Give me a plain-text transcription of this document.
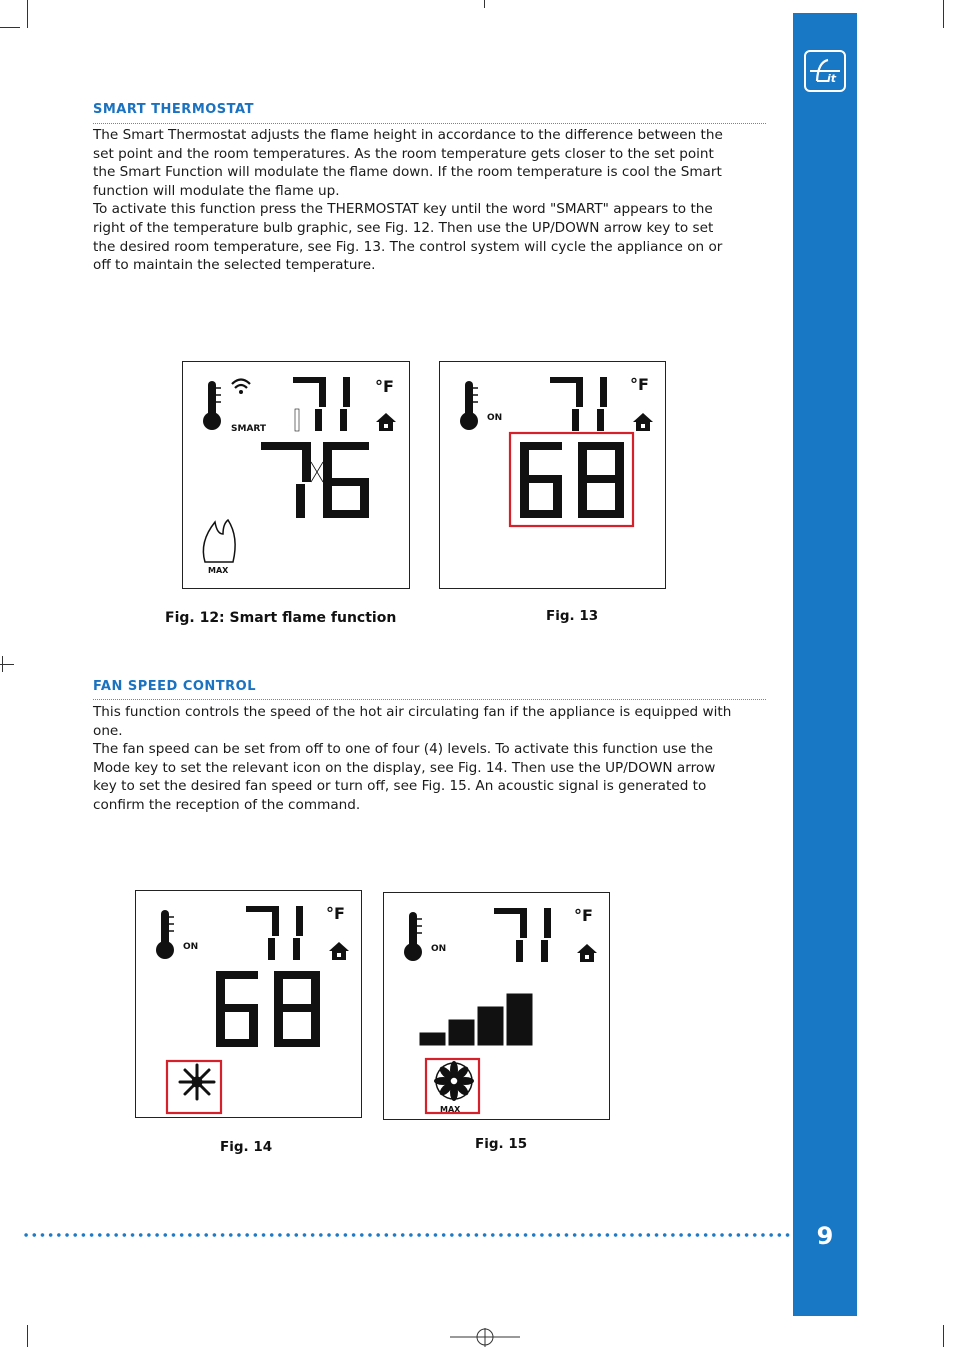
it
9
SMART THERMOSTAT

The Smart Thermostat adjusts the flame height in accordance to the difference between the set point and the room temperatures. As the room temperature gets closer to the set point the Smart Function will modulate the flame down. If the room temperature is cool the Smart function will modulate the flame up.

To activate this function press the THERMOSTAT key until the word "SMART" appears to the right of the temperature bulb graphic, see Fig. 12. Then use the UP/DOWN arrow key to set the desired room temperature, see Fig. 13. The control system will cycle the appliance on or off to maintain the selected temperature.

SMART
°F
MAX
Fig. 12: Smart flame function
ON
°F
Fig. 13
FAN SPEED CONTROL

This function controls the speed of the hot air circulating fan if the appliance is equipped with one.

The fan speed can be set from off to one of four (4) levels. To activate this function use the Mode key to set the relevant icon on the display, see Fig. 14. Then use the UP/DOWN arrow key to set the desired fan speed or turn off, see Fig. 15. An acoustic signal is generated to confirm the reception of the command.

ON
°F
Fig. 14
ON
°F
MAX
Fig. 15
